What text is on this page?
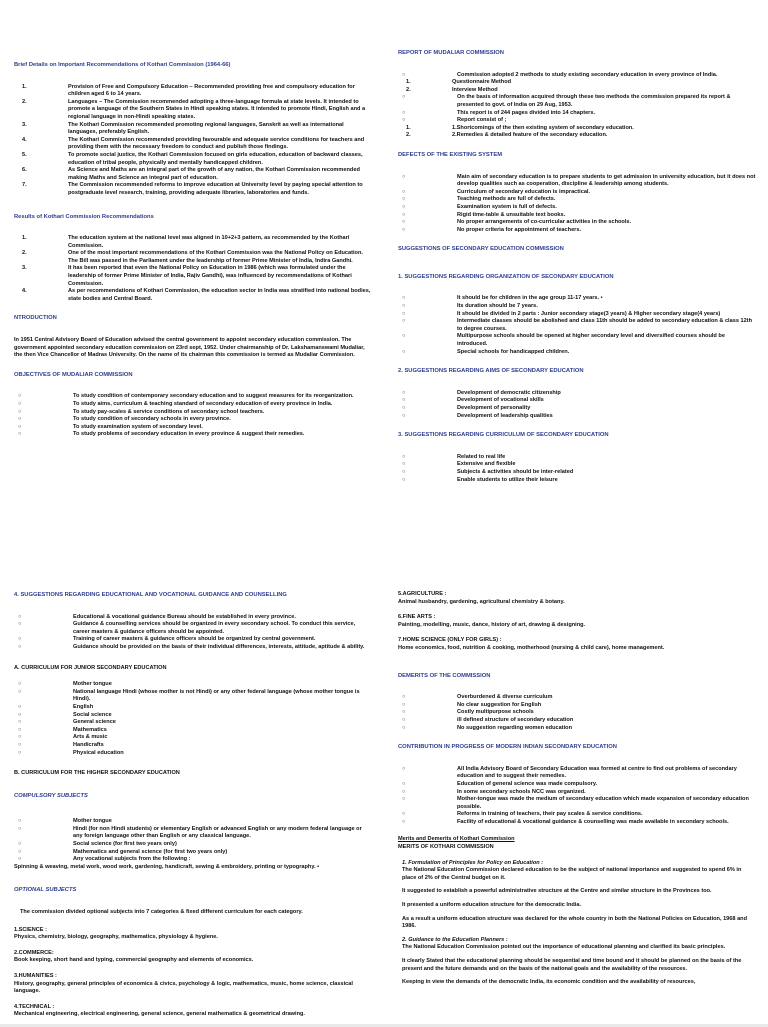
Brief Details on Important Recommendations of Kothari Commission (1964-66)
1.	Provision of Free and Compulsory Education – Recommended providing free and compulsory education for children aged 6 to 14 years.
2.	Languages – The Commission recommended adopting a three-language formula at state levels. It intended to promote a language of the Southern States in Hindi speaking states. It intended to promote Hindi, English and a regional language in non-Hindi speaking states.
3.	The Kothari Commission recommended promoting regional languages, Sanskrit as well as international languages, preferably English.
4.	The Kothari Commission recommended providing favourable and adequate service conditions for teachers and providing them with the necessary freedom to conduct and publish those findings.
5.	To promote social justice, the Kothari Commission focused on girls education, education of backward classes, education of tribal people, physically and mentally handicapped children.
6.	As Science and Maths are an integral part of the growth of any nation, the Kothari Commission recommended making Maths and Science an integral part of education.
7.	The Commission recommended reforms to improve education at University level by paying special attention to postgraduate level research, training, providing adequate libraries, laboratories and funds.
Results of Kothari Commission Recommendations
1.	The education system at the national level was aligned in 10+2+3 pattern, as recommended by the Kothari Commission.
2.	One of the most important recommendations of the Kothari Commission was the National Policy on Education. The Bill was passed in the Parliament under the leadership of former Prime Minister of India, Indira Gandhi.
3.	It has been reported that even the National Policy on Education in 1986 (which was formulated under the leadership of former Prime Minister of India, Rajiv Gandhi), was influenced by recommendations of Kothari Commission.
4.	As per recommendations of Kothari Commission, the education sector in India was stratified into national bodies, state bodies and Central Board.
NTRODUCTION

In 1951 Central Advisory Board of Education advised the central government to appoint secondary education commission. The government appointed secondary education commission on 23rd sept, 1952. Under chairmanship of Dr. Lakshamanswami Mudaliar, the then Vice Chancellor of Madras University. On the name of its chairman this commission is termed as Mudaliar Commission.

OBJECTIVES OF MUDALIAR COMMISSION
○	To study condition of contemporary secondary education and to suggest measures for its reorganization.
○	To study aims, curriculum & teaching standard of secondary education of every province in India.
○	To study pay-scales & service conditions of secondary school teachers.
○	To study condition of secondary schools in every province.
○	To study examination system of secondary level.
○	To study problems of secondary education in every province & suggest their remedies.
REPORT OF MUDALIAR COMMISSION
○	Commission adopted 2 methods to study existing secondary education in every province of India.
1.	Questionnaire Method
2.	Interview Method
○	On the basis of information acquired through these two methods the commission prepared its report & presented to govt. of India on 29 Aug, 1953.
○	This report is of 244 pages divided into 14 chapters.
○	Report consist of ;
1.	1.Shortcomings of the then existing system of secondary education.
2.	2.Remedies & detailed feature of the secondary education.
DEFECTS OF THE EXISTING SYSTEM
○	Main aim of secondary education is to prepare students to get admission in university education, but it does not develop qualities such as cooperation, discipline & leadership among students.
○	Curriculum of secondary education is impractical.
○	Teaching methods are full of defects.
○	Examination system is full of defects.
○	Rigid time-table & unsuitable text books.
○	No proper arrangements of co-curricular activities in the schools.
○	No proper criteria for appointment of teachers.
SUGGESTIONS OF SECONDARY EDUCATION COMMISSION
1. SUGGESTIONS REGARDING ORGANIZATION OF SECONDARY EDUCATION
○	It should be for children in the age group 11-17 years. •
○	Its duration should be 7 years.
○	It should be divided in 2 parts : Junior secondary stage(3 years) & Higher secondary stage(4 years)
○	Intermediate classes should be abolished and class 11th should be added to secondary education & class 12th to degree courses.
○	Multipurpose schools should be opened at higher secondary level and diversified courses should be introduced.
○	Special schools for handicapped children.
2. SUGGESTIONS REGARDING AIMS OF SECONDARY EDUCATION
○	Development of democratic citizenship
○	Development of vocational skills
○	Development of personality
○	Development of leadership qualities
3. SUGGESTIONS REGARDING CURRICULUM OF SECONDARY EDUCATION
○	Related to real life
○	Extensive and flexible
○	Subjects & activities should be inter-related
○	Enable students to utilize their leisure
4. SUGGESTIONS REGARDING EDUCATIONAL AND VOCATIONAL GUIDANCE AND COUNSELLING
○	Educational & vocational guidance Bureau should be established in every province.
○	Guidance & counselling services should be organized in every secondary school. To conduct this service, career masters & guidance officers should be appointed.
○	Training of career masters & guidance officers should be organized by central government.
○	Guidance should be provided on the basis of their individual differences, interests, attitude, aptitude & ability.
A. CURRICULUM FOR JUNIOR SECONDARY EDUCATION
○	Mother tongue
○	National language Hindi (whose mother is not Hindi) or any other federal language (whose mother tongue is Hindi).
○	English
○	Social science
○	General science
○	Mathematics
○	Arts & music
○	Handicrafts
○	Physical education
B. CURRICULUM FOR THE HIGHER SECONDARY EDUCATION
COMPULSORY SUBJECTS
○	Mother tongue
○	Hindi (for non Hindi students) or elementary English or advanced English or any modern federal language or any foreign language other than English or any classical language.
○	Social science (for first two years only)
○	Mathematics and general science (for first two years only)
○	Any vocational subjects from the following :

Spinning & weaving, metal work, wood work, gardening, handicraft, sewing & embroidery, printing or typography. •

OPTIONAL SUBJECTS

The commission divided optional subjects into 7 categories & fixed different curriculum for each category.

1.SCIENCE :
Physics, chemistry, biology, geography, mathematics, physiology & hygiene.
2.COMMERCE:
Book keeping, short hand and typing, commercial geography and elements of economics.
3.HUMANITIES :
History, geography, general principles of economics & civics, psychology & logic, mathematics, music, home science, classical language.
4.TECHNICAL :
Mechanical engineering, electrical engineering, general science, general mathematics & geometrical drawing.
5.AGRICULTURE :
Animal husbandry, gardening, agricultural chemistry & botany.
6.FINE ARTS :
Painting, modelling, music, dance, history of art, drawing & designing.
7.HOME SCIENCE (ONLY FOR GIRLS) :
Home economics, food, nutrition & cooking, motherhood (nursing & child care), home management.
DEMERITS OF THE COMMISSION
○	Overburdened & diverse curriculum
○	No clear suggestion for English
○	Costly multipurpose schools
○	ill defined structure of secondary education
○	No suggestion regarding women education
CONTRIBUTION IN PROGRESS OF MODERN INDIAN SECONDARY EDUCATION
○	All India Advisory Board of Secondary Education was formed at centre to find out problems of secondary education and to suggest their remedies.
○	Education of general science was made compulsory.
○	In some secondary schools NCC was organized.
○	Mother-tongue was made the medium of secondary education which made expansion of secondary education possible.
○	Reforms in training of teachers, their pay scales & service conditions.
○	Facility of educational & vocational guidance & counselling was made available in secondary schools.
Merits and Demerits of Kothari Commission
MERITS OF KOTHARI COMMISSION

1. Formulation of Principles for Policy on Education :

The National Education Commission declared education to be the subject of national importance and suggested to spend 6% in place of 2% of the Central budget on it.

It suggested to establish a powerful administrative structure at the Centre and similar structure in the Provinces too.

It presented a uniform education structure for the democratic India.

As a result a uniform education structure was declared for the whole country in both the National Policies on Education, 1968 and 1986.

2. Guidance to the Education Planners :

The National Education Commission pointed out the importance of educational planning and clarified its basic principles.

It clearly Stated that the educational planning should be sequential and time bound and it should be planned on the basis of the present and the future demands and on the basis of the national goals and the availability of the resources.

Keeping in view the demands of the democratic India, its economic condition and the availability of resources,
